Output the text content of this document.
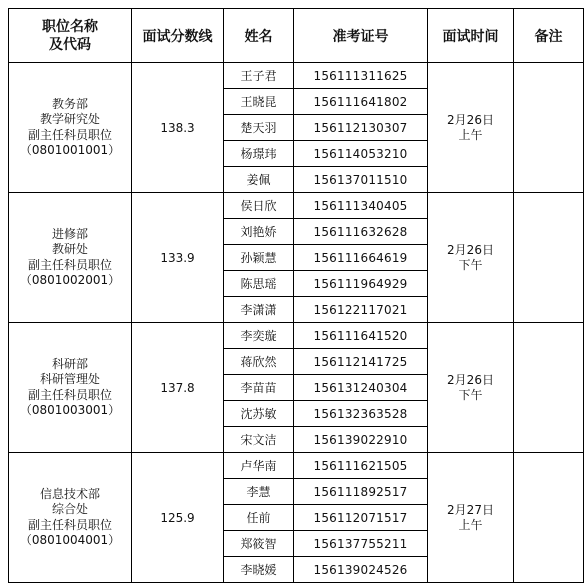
职位名称
及代码	面试分数线	姓名	准考证号	面试时间	备注

教务部
教学研究处
副主任科员职位
（0801001001）	138.3	王子君	156111311625	2月26日
上午	

		王晓昆	156111641802		
		楚天羽	156112130307		
		杨璟玮	156114053210		
		姜佩	156137011510		

进修部
教研处
副主任科员职位
（0801002001）	133.9	侯日欣	156111340405	2月26日
下午	

		刘艳娇	156111632628		
		孙颖慧	156111664619		
		陈思瑶	156111964929		
		李潇潇	156122117021		

科研部
科研管理处
副主任科员职位
（0801003001）	137.8	李奕璇	156111641520	2月26日
下午	

		蒋欣然	156112141725		
		李苗苗	156131240304		
		沈苏敏	156132363528		
		宋文洁	156139022910		

信息技术部
综合处
副主任科员职位
（0801004001）	125.9	卢华南	156111621505	2月27日
上午	

		李慧	156111892517		
		任前	156112071517		
		郑筱智	156137755211		
		李晓媛	156139024526		
